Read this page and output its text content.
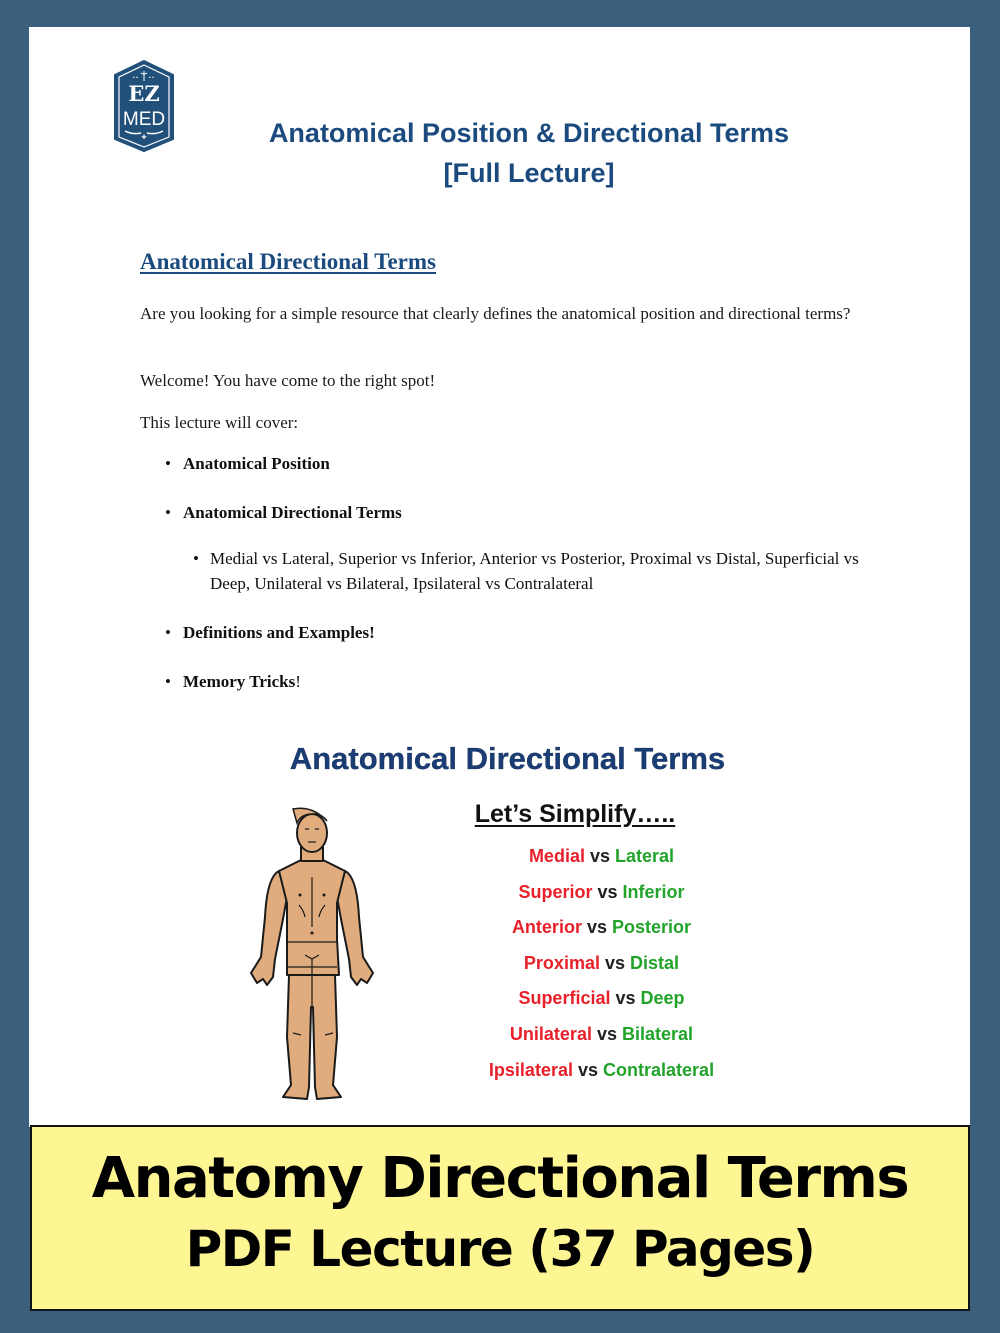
• • • •
EZ
MED
✚	Anatomical Position & Directional Terms
[Full Lecture]
Anatomical Directional Terms

Are you looking for a simple resource that clearly defines the anatomical position and directional terms?

Welcome! You have come to the right spot!

This lecture will cover:

• Anatomical Position
• Anatomical Directional Terms
• Medial vs Lateral, Superior vs Inferior, Anterior vs Posterior, Proximal vs Distal, Superficial vs Deep, Unilateral vs Bilateral, Ipsilateral vs Contralateral
• Definitions and Examples!
• Memory Tricks!
Anatomical Directional Terms
Let’s Simplify…..
Medial vs Lateral
Superior vs Inferior
Anterior vs Posterior
Proximal vs Distal
Superficial vs Deep
Unilateral vs Bilateral
Ipsilateral vs Contralateral
Anatomy Directional Terms
PDF Lecture (37 Pages)
